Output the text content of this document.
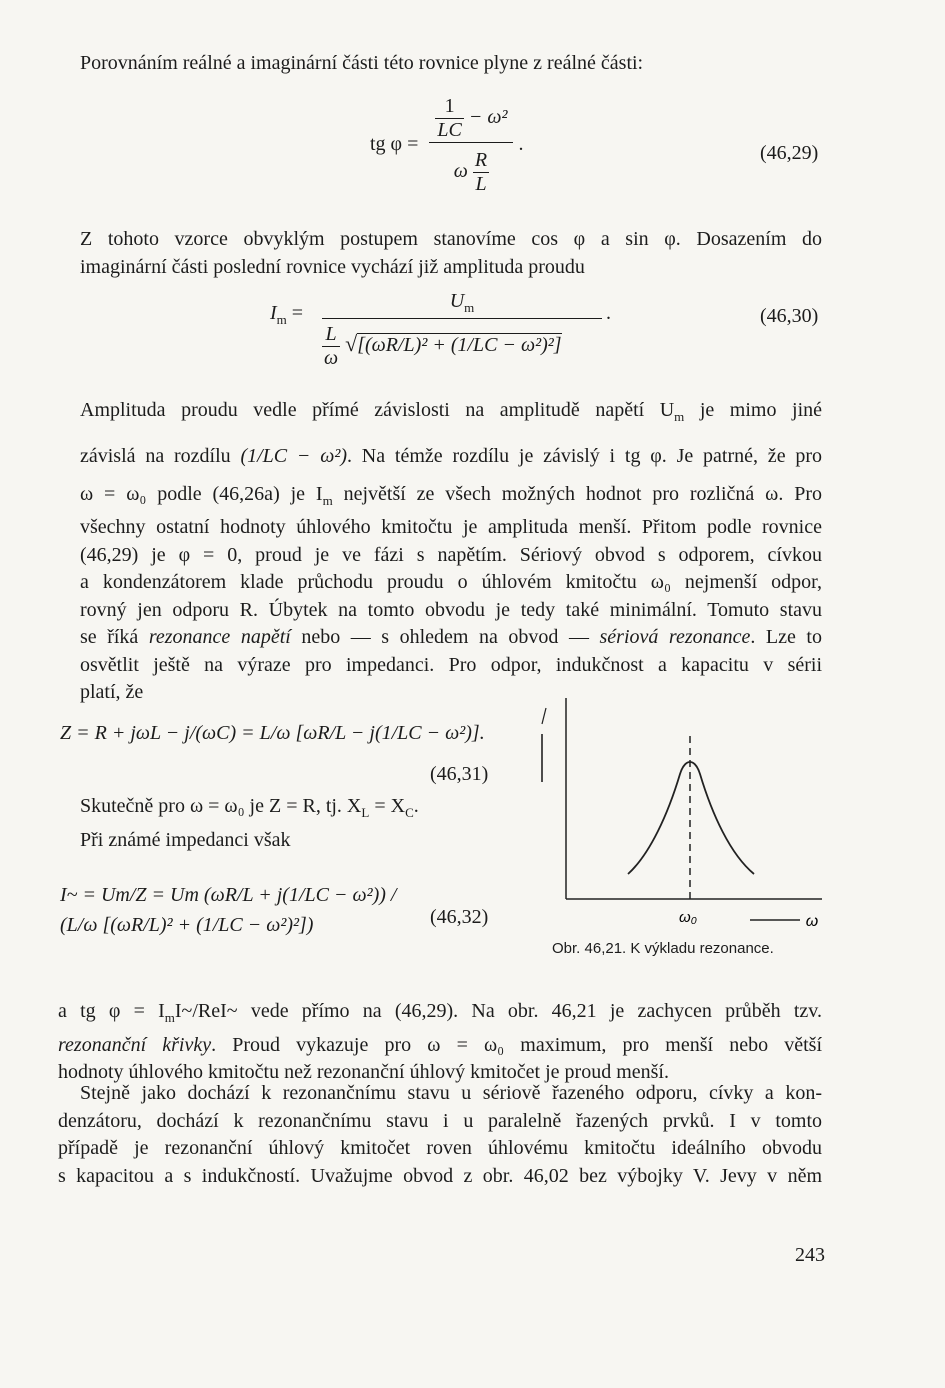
Porovnáním reálné a imaginární části této rovnice plyne z reálné části:
tg $\varphi = \frac{\frac{1}{LC} - \omega^2}{\omega \frac{R}{L}}$ .	(46,29)
Z tohoto vzorce obvyklým postupem stanovíme cos φ a sin φ. Dosazením do
imaginární části poslední rovnice vychází již amplituda proudu
$I_m = \frac{U_m}{\frac{L}{\omega} √[(\omega R/L)^2 + (1/LC - \omega^2)^2]}$ .	(46,30)
Amplituda proudu vedle přímé závislosti na amplitudě napětí $U_m$ je mimo jiné
závislá na rozdílu (1/LC − ω²). Na témže rozdílu je závislý i tg φ. Je patrné, že pro
ω = ω₀ podle (46,26a) je $I_m$ největší ze všech možných hodnot pro rozličná ω. Pro
všechny ostatní hodnoty úhlového kmitočtu je amplituda menší. Přitom podle rovnice
(46,29) je φ = 0, proud je ve fázi s napětím. Sériový obvod s odporem, cívkou
a kondenzátorem klade průchodu proudu o úhlovém kmitočtu ω₀ nejmenší odpor,
rovný jen odporu R. Úbytek na tomto obvodu je tedy také minimální. Tomuto stavu
se říká rezonance napětí nebo — s ohledem na obvod — sériová rezonance. Lze to
osvětlit ještě na výraze pro impedanci. Pro odpor, indukčnost a kapacitu v sérii
platí, že
Z = R + jωL − j/(ωC) = L/ω [ωR/L − j(1/LC − ω²)].
(46,31)
Skutečně pro ω = ω₀ je Z = R, tj. $X_L = X_C$.
Při známé impedanci však
I~ = Um/Z = Um (ωR/L + j(1/LC − ω²)) / (L/ω [(ωR/L)² + (1/LC − ω²)²])	(46,32)	ω₀	ω
Obr. 46,21. K výkladu rezonance.
a tg $\varphi = I_mI\sim/ReI\sim$ vede přímo na (46,29). Na obr. 46,21 je zachycen průběh tzv.
rezonanční křivky. Proud vykazuje pro ω = ω₀ maximum, pro menší nebo větší
hodnoty úhlového kmitočtu než rezonanční úhlový kmitočet je proud menší.
Stejně jako dochází k rezonančnímu stavu u sériově řazeného odporu, cívky a kon-
denzátoru, dochází k rezonančnímu stavu i u paralelně řazených prvků. I v tomto
případě je rezonanční úhlový kmitočet roven úhlovému kmitočtu ideálního obvodu
s kapacitou a s indukčností. Uvažujme obvod z obr. 46,02 bez výbojky V. Jevy v něm
243
